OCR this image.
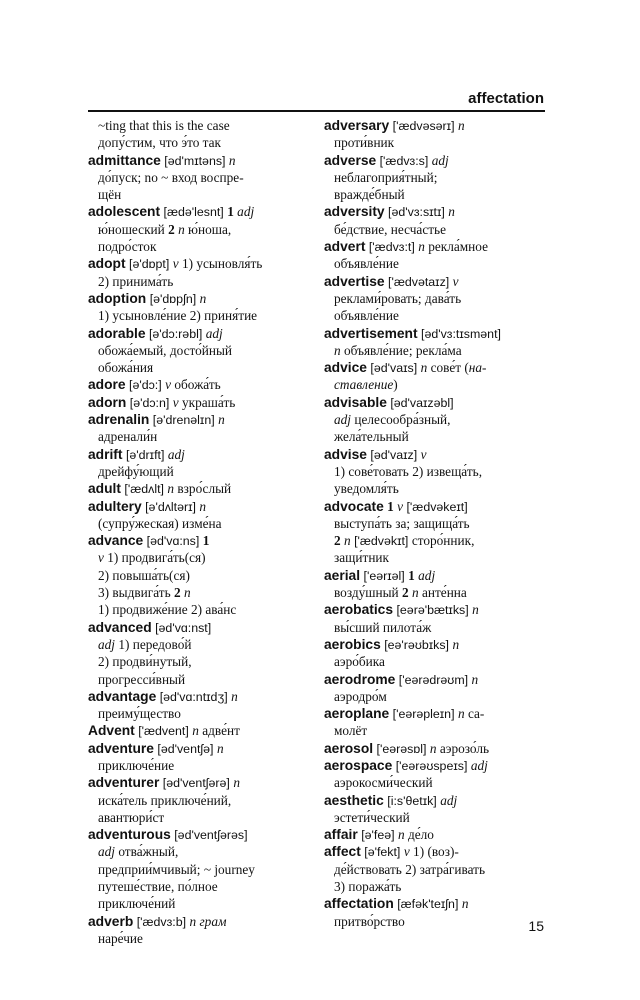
affectation
~ting that this is the case
допу́стим, что э́то так
admittance [əd'mɪtəns] n
до́пуск; no ~ вход воспре-
щён
adolescent [ædə'lesnt] 1 adj
ю́ношеский 2 n ю́ноша,
подро́сток
adopt [ə'dɒpt] v 1) усыновля́ть
2) принима́ть
adoption [ə'dɒpʃn] n
1) усыновле́ние 2) приня́тие
adorable [ə'dɔ:rəbl] adj
обожа́емый, досто́йный
обожа́ния
adore [ə'dɔ:] v обожа́ть
adorn [ə'dɔ:n] v украша́ть
adrenalin [ə'drenəlɪn] n
адренали́н
adrift [ə'drɪft] adj
дрейфу́ющий
adult ['ædʌlt] n взро́слый
adultery [ə'dʌltərɪ] n
(супру́жеская) изме́на
advance [əd'vɑ:ns] 1
v 1) продвига́ть(ся)
2) повыша́ть(ся)
3) выдвига́ть 2 n
1) продвиже́ние 2) ава́нс
advanced [əd'vɑ:nst]
adj 1) передово́й
2) продви́нутый,
прогресси́вный
advantage [əd'vɑ:ntɪdʒ] n
преиму́щество
Advent ['ædvent] n адве́нт
adventure [əd'ventʃə] n
приключе́ние
adventurer [əd'ventʃərə] n
иска́тель приключе́ний,
авантюри́ст
adventurous [əd'ventʃərəs]
adj отва́жный,
предприи́мчивый; ~ journey
путеше́ствие, по́лное
приключе́ний
adverb ['ædvɜ:b] n грам
наре́чие
adversary ['ædvəsərɪ] n
проти́вник
adverse ['ædvɜ:s] adj
неблагоприя́тный;
вражде́бный
adversity [əd'vɜ:sɪtɪ] n
бе́дствие, несча́стье
advert ['ædvɜ:t] n рекла́мное
объявле́ние
advertise ['ædvətaɪz] v
реклами́ровать; дава́ть
объявле́ние
advertisement [əd'vɜ:tɪsmənt]
n объявле́ние; рекла́ма
advice [əd'vaɪs] n сове́т (на-
ставление)
advisable [əd'vaɪzəbl]
adj целесообра́зный,
жела́тельный
advise [əd'vaɪz] v
1) сове́товать 2) извеща́ть,
уведомля́ть
advocate 1 v ['ædvəkeɪt]
выступа́ть за; защища́ть
2 n ['ædvəkɪt] сторо́нник,
защи́тник
aerial ['eərɪəl] 1 adj
возду́шный 2 n анте́нна
aerobatics [eərə'bætɪks] n
вы́сший пилота́ж
aerobics [eə'rəʊbɪks] n
аэро́бика
aerodrome ['eərədrəʊm] n
аэродро́м
aeroplane ['eərəpleɪn] n са-
молёт
aerosol ['eərəsɒl] n аэрозо́ль
aerospace ['eərəʊspeɪs] adj
аэрокосми́ческий
aesthetic [i:s'θetɪk] adj
эстети́ческий
affair [ə'feə] n де́ло
affect [ə'fekt] v 1) (воз)-
де́йствовать 2) затра́гивать
3) поража́ть
affectation [æfək'teɪʃn] n
притво́рство	15
